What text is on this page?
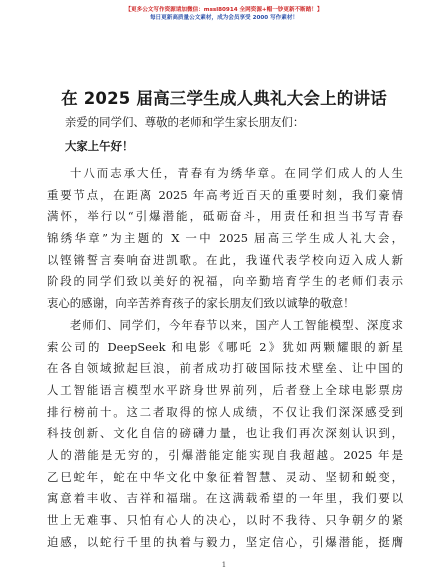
【更多公文写作资源请加微信：mssl80914 全网资源+帽一钞更新不断踏！】
每日更新高质量公文素材，成为会员享受 2000 写作素材！
在 2025 届高三学生成人典礼大会上的讲话
亲爱的同学们、尊敬的老师和学生家长朋友们：
大家上午好！
十八而志承大任，青春有为绣华章。在同学们成人的人生
重要节点，在距离 2025 年高考近百天的重要时刻，我们豪情
满怀，举行以“引爆潜能，砥砺奋斗，用责任和担当书写青春
锦绣华章”为主题的 X 一中 2025 届高三学生成人礼大会，
以铿锵誓言奏响奋进凯歌。在此，我谨代表学校向迈入成人新
阶段的同学们致以美好的祝福，向辛勤培育学生的老师们表示
衷心的感谢，向辛苦养育孩子的家长朋友们致以诚挚的敬意！
老师们、同学们，今年春节以来，国产人工智能模型、深度求
索公司的 DeepSeek 和电影《哪吒 2》犹如两颗耀眼的新星
在各自领域掀起巨浪，前者成功打破国际技术壁垒、让中国的
人工智能语言模型水平跻身世界前列，后者登上全球电影票房
排行榜前十。这二者取得的惊人成绩，不仅让我们深深感受到
科技创新、文化自信的磅礴力量，也让我们再次深刻认识到，
人的潜能是无穷的，引爆潜能定能实现自我超越。2025 年是
乙巳蛇年，蛇在中华文化中象征着智慧、灵动、坚韧和蜕变，
寓意着丰收、吉祥和福瑞。在这满载希望的一年里，我们要以
世上无难事、只怕有心人的决心，以时不我待、只争朝夕的紧
迫感，以蛇行千里的执着与毅力，坚定信心，引爆潜能，挺膺
1
